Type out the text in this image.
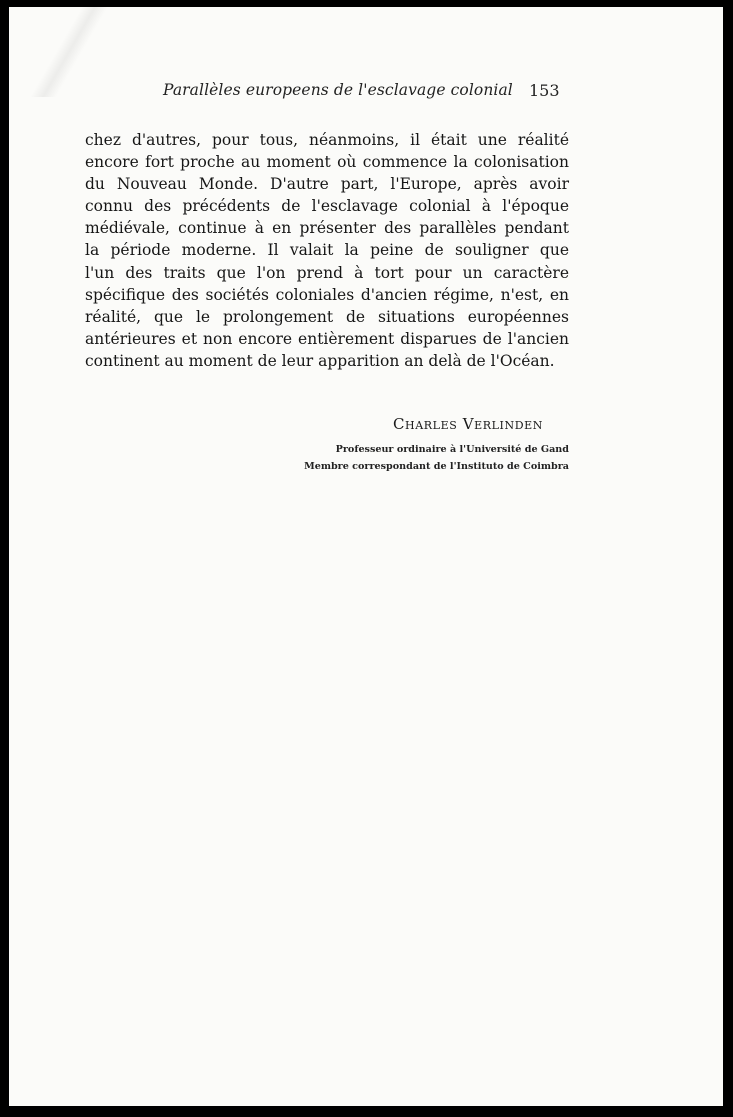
Parallèles europeens de l'esclavage colonial 153
chez d'autres, pour tous, néanmoins, il était une réalité
encore fort proche au moment où commence la colonisation
du Nouveau Monde. D'autre part, l'Europe, après avoir
connu des précédents de l'esclavage colonial à l'époque
médiévale, continue à en présenter des parallèles pendant
la période moderne. Il valait la peine de souligner que
l'un des traits que l'on prend à tort pour un caractère
spécifique des sociétés coloniales d'ancien régime, n'est, en
réalité, que le prolongement de situations européennes
antérieures et non encore entièrement disparues de l'ancien
continent au moment de leur apparition an delà de l'Océan.
Charles Verlinden
Professeur ordinaire à l'Université de Gand
Membre correspondant de l'Instituto de Coimbra
